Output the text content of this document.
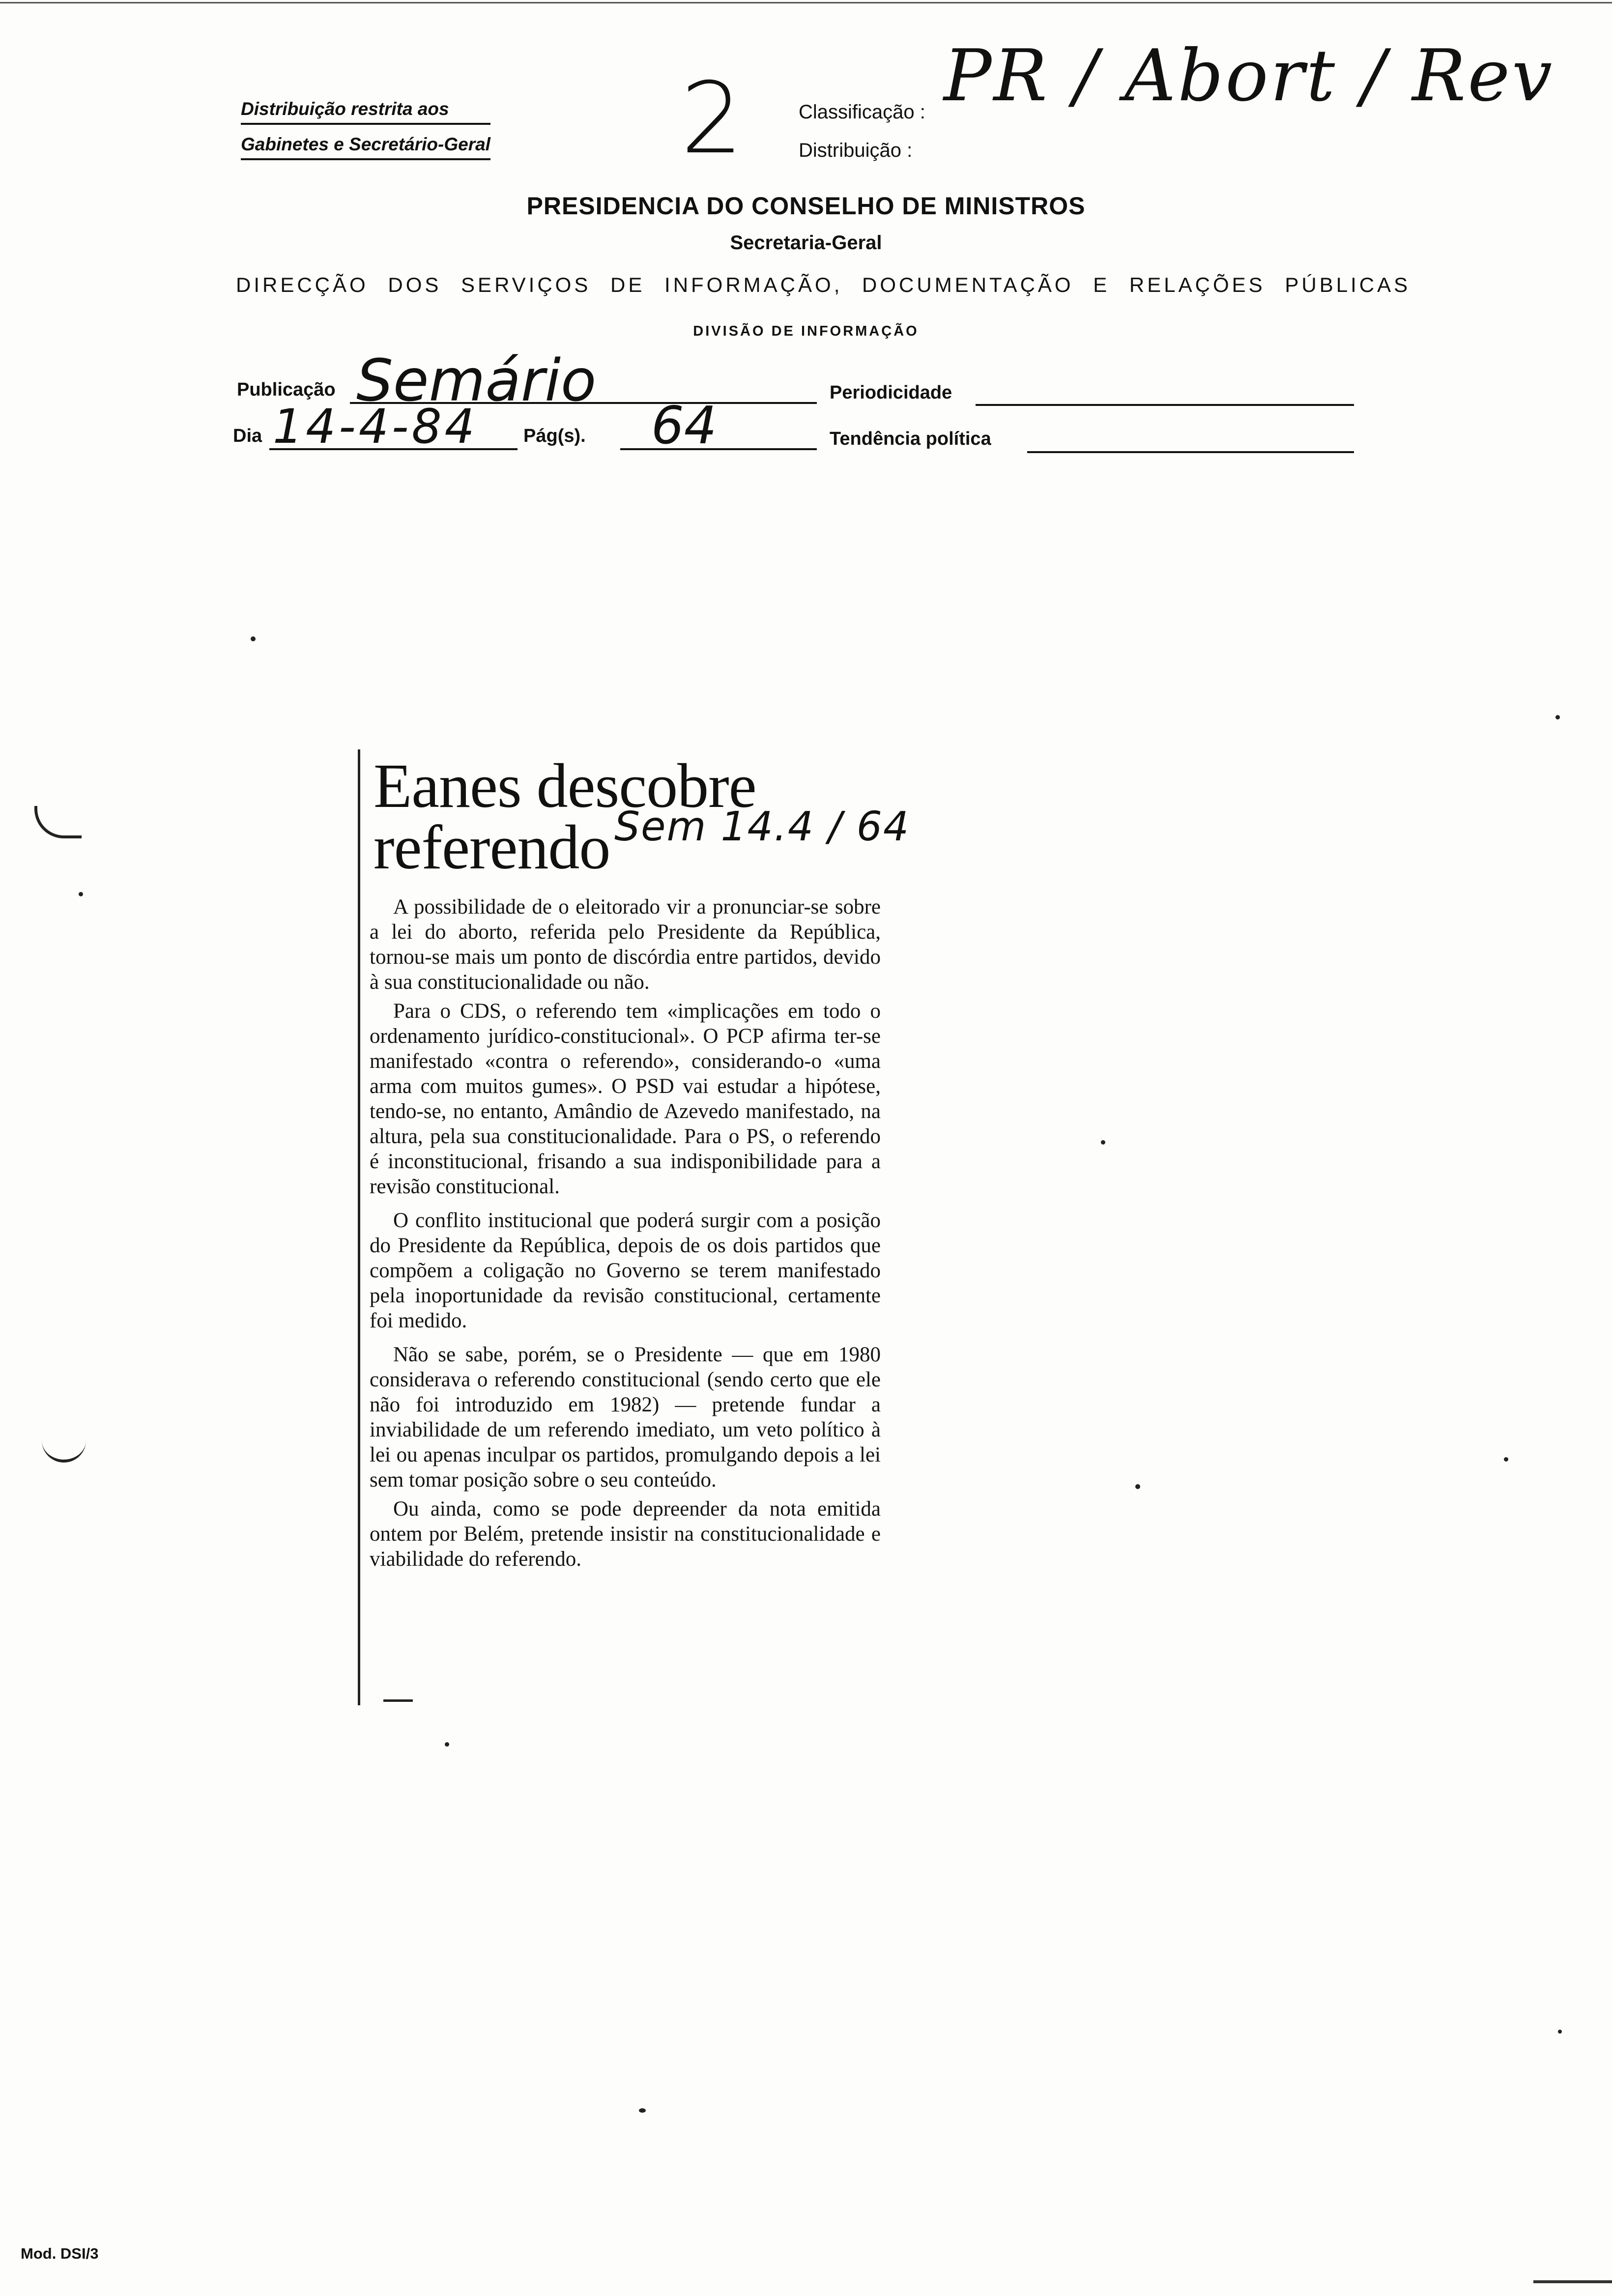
Distribuição restrita aos
Gabinetes e Secretário-Geral 2	Classificação : PR / Abort / Rev
Distribuição :
PRESIDENCIA DO CONSELHO DE MINISTROS
Secretaria-Geral
DIRECÇÃO DOS SERVIÇOS DE INFORMAÇÃO, DOCUMENTAÇÃO E RELAÇÕES PÚBLICAS
DIVISÃO DE INFORMAÇÃO
Publicação Semário	Periodicidade
Dia 14-4-84 Pág(s). 64	Tendência política
Eanes descobre
referendo Sem 14.4 / 64

A possibilidade de o eleitorado vir a pronunciar-se sobre a lei do aborto, referida pelo Presidente da República, tornou-se mais um ponto de discórdia entre partidos, devido à sua constitucionalidade ou não.

Para o CDS, o referendo tem «implicações em todo o ordenamento jurídico-constitucional». O PCP afirma ter-se manifestado «contra o referendo», considerando-o «uma arma com muitos gumes». O PSD vai estudar a hipótese, tendo-se, no entanto, Amândio de Azevedo manifestado, na altura, pela sua constitucionalidade. Para o PS, o referendo é inconstitucional, frisando a sua indisponibilidade para a revisão constitucional.

O conflito institucional que poderá surgir com a posição do Presidente da República, depois de os dois partidos que compõem a coligação no Governo se terem manifestado pela inoportunidade da revisão constitucional, certamente foi medido.

Não se sabe, porém, se o Presidente — que em 1980 considerava o referendo constitucional (sendo certo que ele não foi introduzido em 1982) — pretende fundar a inviabilidade de um referendo imediato, um veto político à lei ou apenas inculpar os partidos, promulgando depois a lei sem tomar posição sobre o seu conteúdo.

Ou ainda, como se pode depreender da nota emitida ontem por Belém, pretende insistir na constitucionalidade e viabilidade do referendo.

Mod. DSI/3
